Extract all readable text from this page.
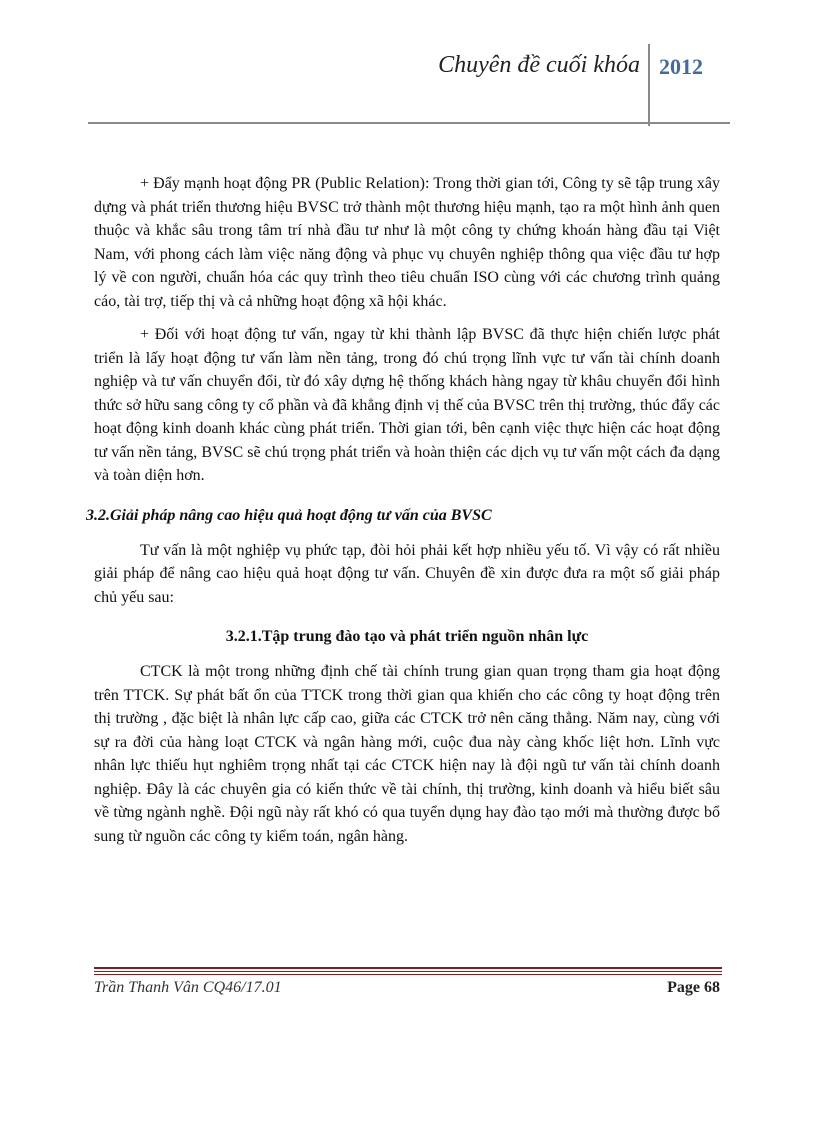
Chuyên đề cuối khóa 2012

+ Đẩy mạnh hoạt động PR (Public Relation): Trong thời gian tới, Công ty sẽ tập trung xây dựng và phát triển thương hiệu BVSC trở thành một thương hiệu mạnh, tạo ra một hình ảnh quen thuộc và khắc sâu trong tâm trí nhà đầu tư như là một công ty chứng khoán hàng đầu tại Việt Nam, với phong cách làm việc năng động và phục vụ chuyên nghiệp thông qua việc đầu tư hợp lý về con người, chuẩn hóa các quy trình theo tiêu chuẩn ISO cùng với các chương trình quảng cáo, tài trợ, tiếp thị và cả những hoạt động xã hội khác.

+ Đối với hoạt động tư vấn, ngay từ khi thành lập BVSC đã thực hiện chiến lược phát triển là lấy hoạt động tư vấn làm nền tảng, trong đó chú trọng lĩnh vực tư vấn tài chính doanh nghiệp và tư vấn chuyển đổi, từ đó xây dựng hệ thống khách hàng ngay từ khâu chuyển đổi hình thức sở hữu sang công ty cổ phần và đã khẳng định vị thế của BVSC trên thị trường, thúc đẩy các hoạt động kinh doanh khác cùng phát triển. Thời gian tới, bên cạnh việc thực hiện các hoạt động tư vấn nền tảng, BVSC sẽ chú trọng phát triển và hoàn thiện các dịch vụ tư vấn một cách đa dạng và toàn diện hơn.

3.2.Giải pháp nâng cao hiệu quả hoạt động tư vấn của BVSC

Tư vấn là một nghiệp vụ phức tạp, đòi hỏi phải kết hợp nhiều yếu tố. Vì vậy có rất nhiều giải pháp để nâng cao hiệu quả hoạt động tư vấn. Chuyên đề xin được đưa ra một số giải pháp chủ yếu sau:

3.2.1.Tập trung đào tạo và phát triển nguồn nhân lực

CTCK là một trong những định chế tài chính trung gian quan trọng tham gia hoạt động trên TTCK. Sự phát bất ổn của TTCK trong thời gian qua khiến cho các công ty hoạt động trên thị trường , đặc biệt là nhân lực cấp cao, giữa các CTCK trở nên căng thẳng. Năm nay, cùng với sự ra đời của hàng loạt CTCK và ngân hàng mới, cuộc đua này càng khốc liệt hơn. Lĩnh vực nhân lực thiếu hụt nghiêm trọng nhất tại các CTCK hiện nay là đội ngũ tư vấn tài chính doanh nghiệp. Đây là các chuyên gia có kiến thức về tài chính, thị trường, kinh doanh và hiểu biết sâu về từng ngành nghề. Đội ngũ này rất khó có qua tuyển dụng hay đào tạo mới mà thường được bổ sung từ nguồn các công ty kiểm toán, ngân hàng.

Trần Thanh Vân CQ46/17.01	Page 68
